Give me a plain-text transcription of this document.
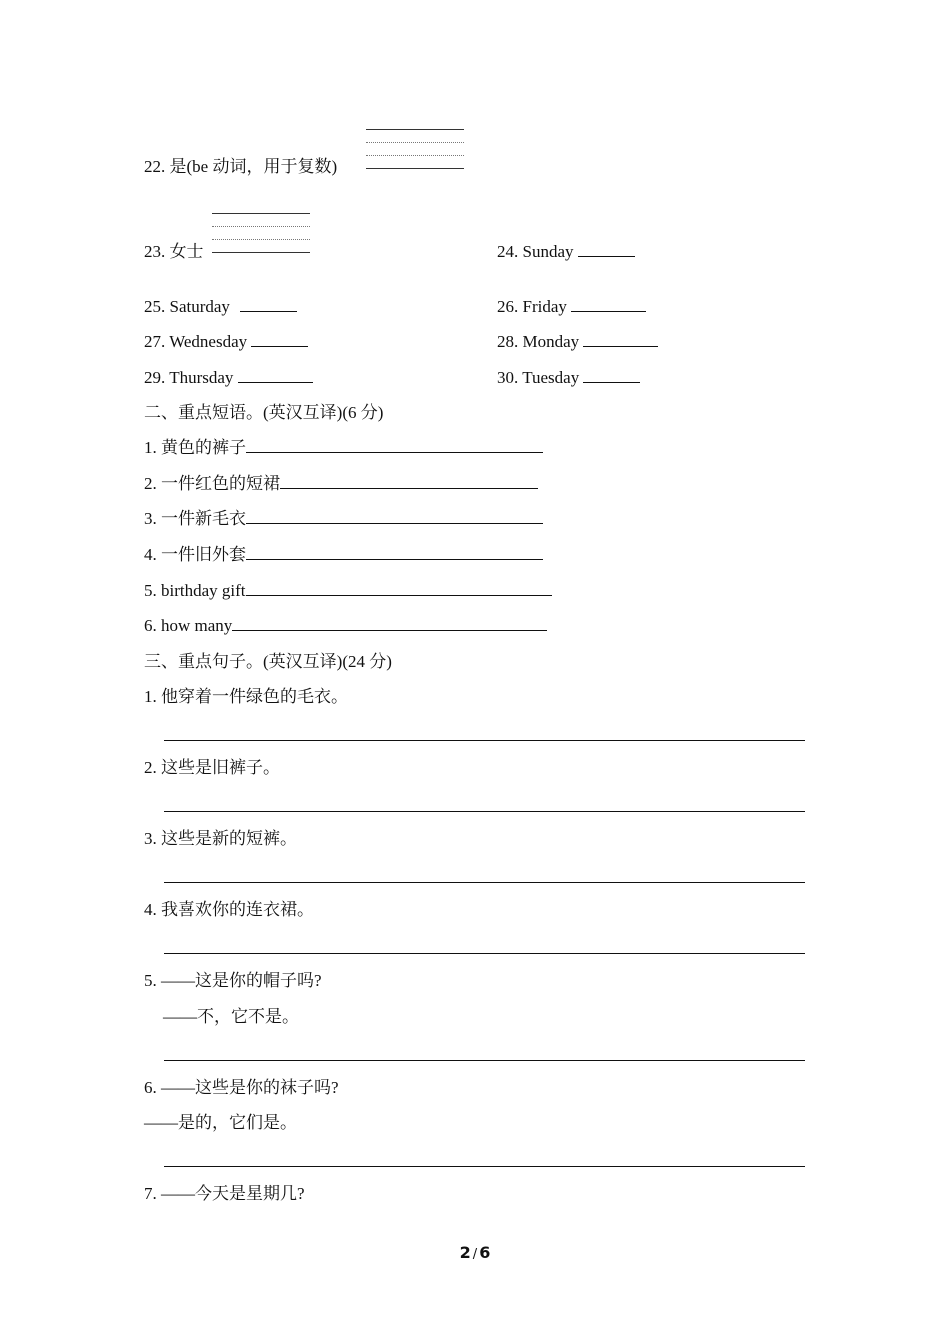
22. 是(be 动词，用于复数)
23. 女士	24. Sunday
25. Saturday	26. Friday
27. Wednesday	28. Monday
29. Thursday	30. Tuesday
二、重点短语。(英汉互译)(6 分)
1. 黄色的裤子
2. 一件红色的短裙
3. 一件新毛衣
4. 一件旧外套
5. birthday gift
6. how many
三、重点句子。(英汉互译)(24 分)
1. 他穿着一件绿色的毛衣。
2. 这些是旧裤子。
3. 这些是新的短裤。
4. 我喜欢你的连衣裙。
5. ——这是你的帽子吗?
——不，它不是。
6. ——这些是你的袜子吗?
——是的，它们是。
7. ——今天是星期几?
2 / 6
